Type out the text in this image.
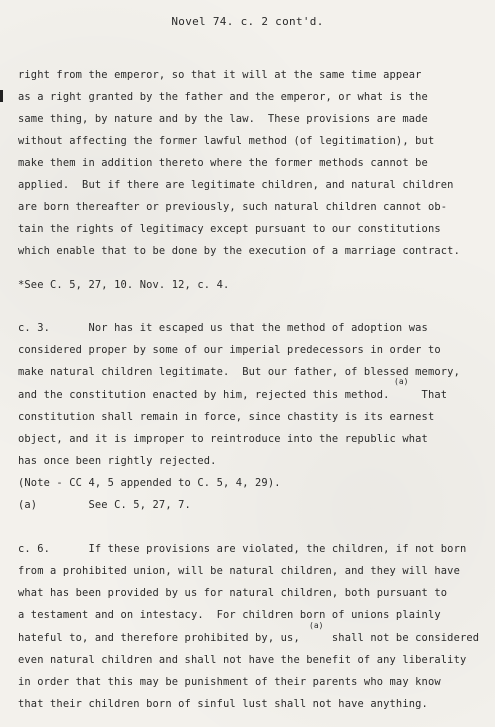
Novel 74. c. 2 cont'd.
right from the emperor, so that it will at the same time appear
as a right granted by the father and the emperor, or what is the
same thing, by nature and by the law.  These provisions are made
without affecting the former lawful method (of legitimation), but
make them in addition thereto where the former methods cannot be
applied.  But if there are legitimate children, and natural children
are born thereafter or previously, such natural children cannot ob-
tain the rights of legitimacy except pursuant to our constitutions
which enable that to be done by the execution of a marriage contract.
*See C. 5, 27, 10. Nov. 12, c. 4.
c. 3.      Nor has it escaped us that the method of adoption was
considered proper by some of our imperial predecessors in order to
make natural children legitimate.  But our father, of blessed memory,
(a)
and the constitution enacted by him, rejected this method.     That
constitution shall remain in force, since chastity is its earnest
object, and it is improper to reintroduce into the republic what
has once been rightly rejected.
(Note - CC 4, 5 appended to C. 5, 4, 29).
(a)        See C. 5, 27, 7.
c. 6.      If these provisions are violated, the children, if not born
from a prohibited union, will be natural children, and they will have
what has been provided by us for natural children, both pursuant to
a testament and on intestacy.  For children born of unions plainly
(a)
hateful to, and therefore prohibited by, us,     shall not be considered
even natural children and shall not have the benefit of any liberality
in order that this may be punishment of their parents who may know
that their children born of sinful lust shall not have anything.
